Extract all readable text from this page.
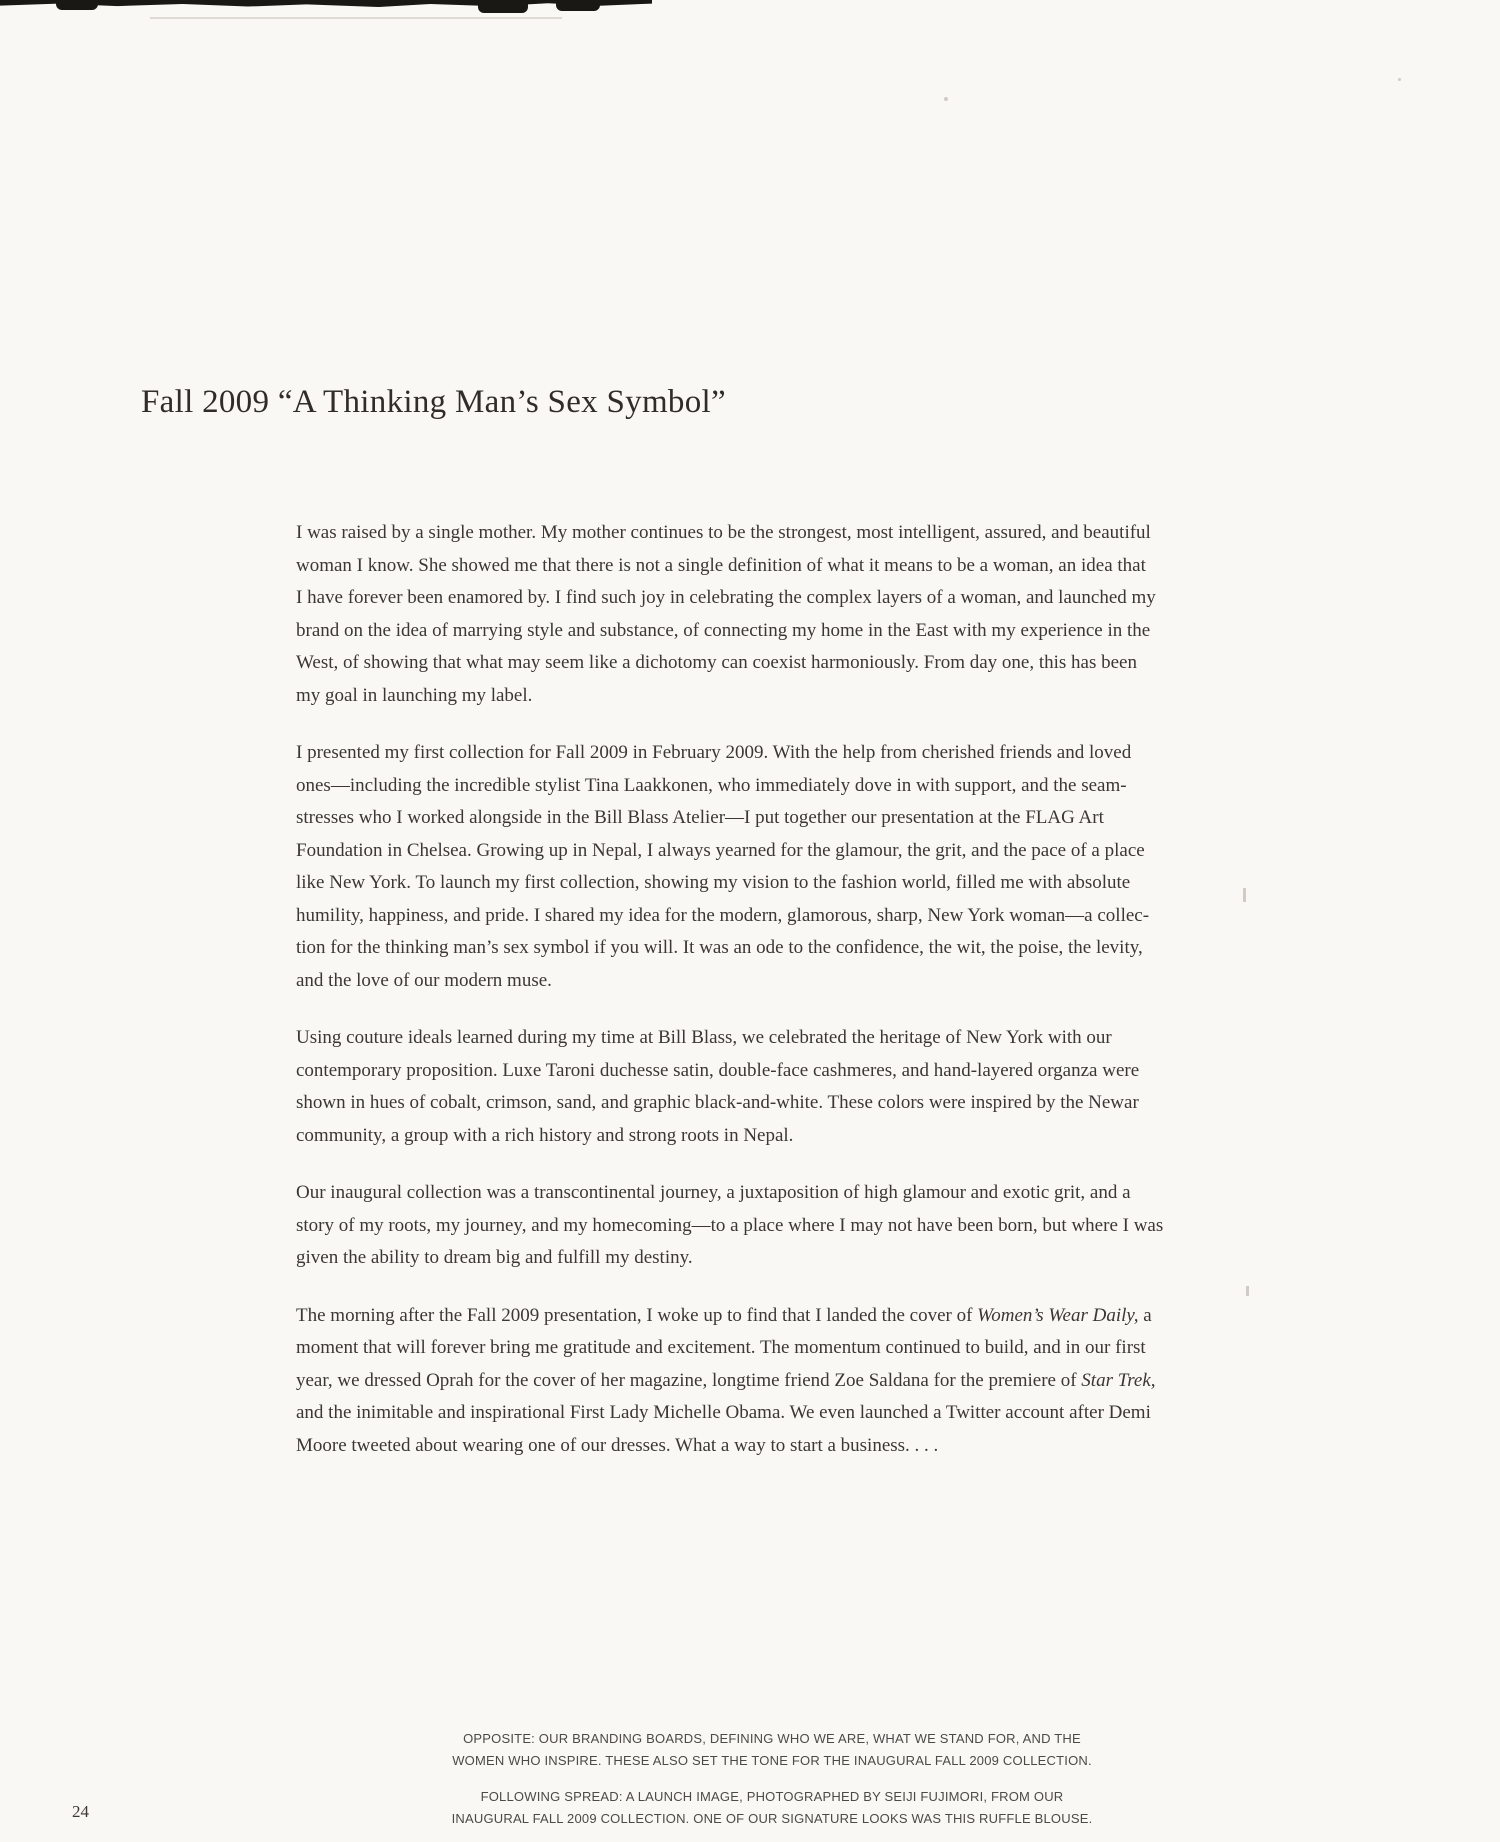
Fall 2009 “A Thinking Man’s Sex Symbol”
I was raised by a single mother. My mother continues to be the strongest, most intelligent, assured, and beautiful
woman I know. She showed me that there is not a single definition of what it means to be a woman, an idea that
I have forever been enamored by. I find such joy in celebrating the complex layers of a woman, and launched my
brand on the idea of marrying style and substance, of connecting my home in the East with my experience in the
West, of showing that what may seem like a dichotomy can coexist harmoniously. From day one, this has been
my goal in launching my label.
I presented my first collection for Fall 2009 in February 2009. With the help from cherished friends and loved
ones—including the incredible stylist Tina Laakkonen, who immediately dove in with support, and the seam-
stresses who I worked alongside in the Bill Blass Atelier—I put together our presentation at the FLAG Art
Foundation in Chelsea. Growing up in Nepal, I always yearned for the glamour, the grit, and the pace of a place
like New York. To launch my first collection, showing my vision to the fashion world, filled me with absolute
humility, happiness, and pride. I shared my idea for the modern, glamorous, sharp, New York woman—a collec-
tion for the thinking man’s sex symbol if you will. It was an ode to the confidence, the wit, the poise, the levity,
and the love of our modern muse.
Using couture ideals learned during my time at Bill Blass, we celebrated the heritage of New York with our
contemporary proposition. Luxe Taroni duchesse satin, double-face cashmeres, and hand-layered organza were
shown in hues of cobalt, crimson, sand, and graphic black-and-white. These colors were inspired by the Newar
community, a group with a rich history and strong roots in Nepal.
Our inaugural collection was a transcontinental journey, a juxtaposition of high glamour and exotic grit, and a
story of my roots, my journey, and my homecoming—to a place where I may not have been born, but where I was
given the ability to dream big and fulfill my destiny.
The morning after the Fall 2009 presentation, I woke up to find that I landed the cover of Women’s Wear Daily, a
moment that will forever bring me gratitude and excitement. The momentum continued to build, and in our first
year, we dressed Oprah for the cover of her magazine, longtime friend Zoe Saldana for the premiere of Star Trek,
and the inimitable and inspirational First Lady Michelle Obama. We even launched a Twitter account after Demi
Moore tweeted about wearing one of our dresses. What a way to start a business. . . .
OPPOSITE: OUR BRANDING BOARDS, DEFINING WHO WE ARE, WHAT WE STAND FOR, AND THE
WOMEN WHO INSPIRE. THESE ALSO SET THE TONE FOR THE INAUGURAL FALL 2009 COLLECTION.
FOLLOWING SPREAD: A LAUNCH IMAGE, PHOTOGRAPHED BY SEIJI FUJIMORI, FROM OUR
INAUGURAL FALL 2009 COLLECTION. ONE OF OUR SIGNATURE LOOKS WAS THIS RUFFLE BLOUSE.
24
